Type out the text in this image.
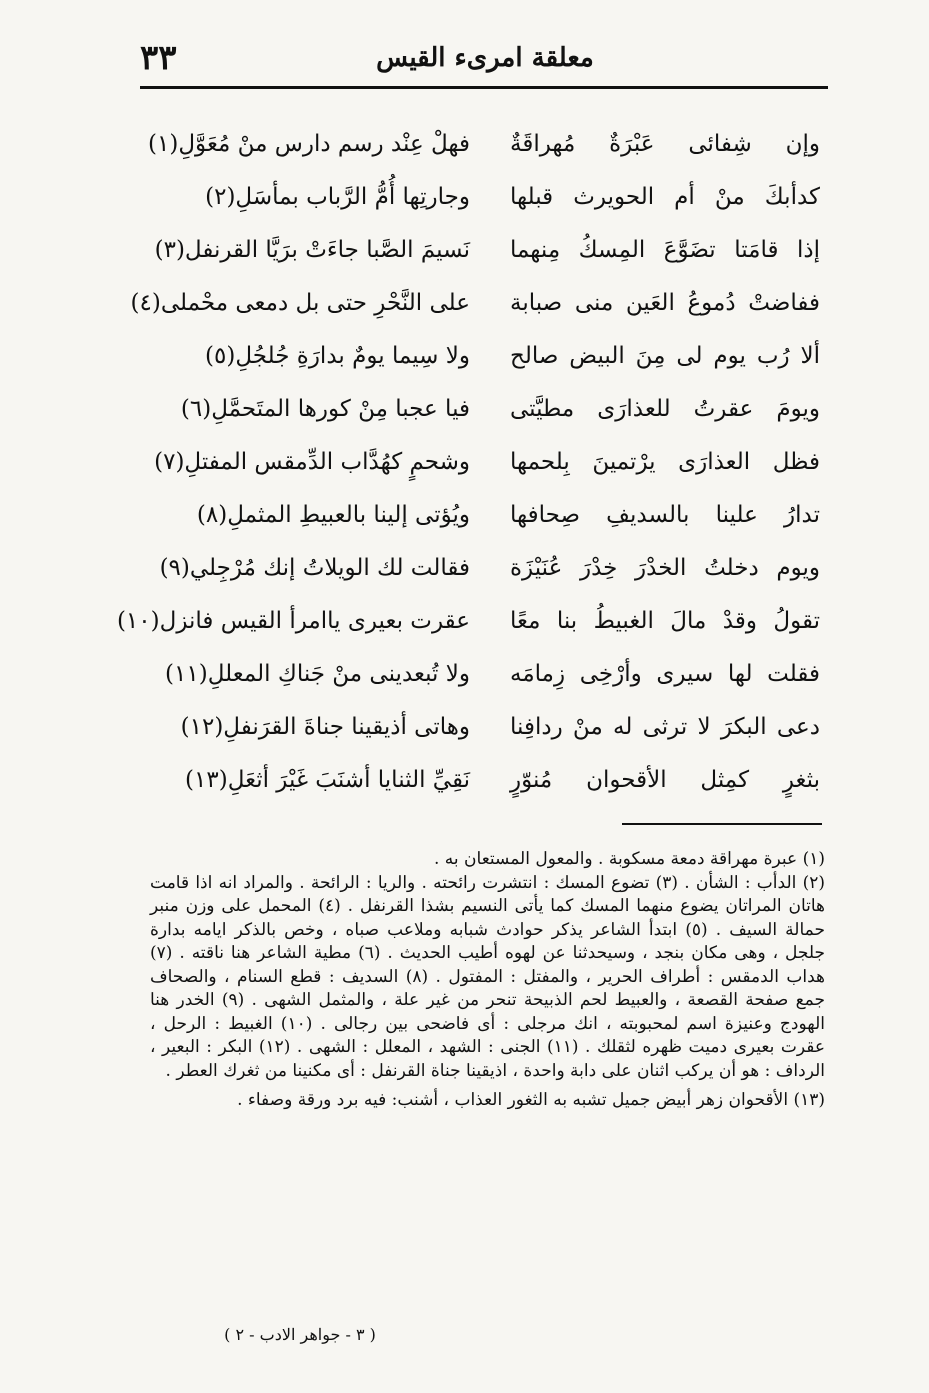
٣٣	معلقة امرىء القيس
وإن شِفائى عَبْرَةٌ مُهراقَةٌ
فهلْ عِنْد رسم دارس منْ مُعَوَّلِ(١)
كدأبكَ منْ أم الحويرث قبلها
وجارتِها أُمُّ الرَّباب بمأسَلِ(٢)
إذا قامَتا تضَوَّعَ المِسكُ مِنهما
نَسيمَ الصَّبا جاءَتْ برَيَّا القرنفل(٣)
ففاضتْ دُموعُ العَين منى صبابة
على النَّحْرِ حتى بل دمعى محْملى(٤)
ألا رُب يوم لى مِنَ البيض صالح
ولا سِيما يومٌ بدارَةِ جُلجُلِ(٥)
ويومَ عقرتُ للعذارَى مطيَّتى
فيا عجبا مِنْ كورها المتَحمَّلِ(٦)
فظل العذارَى يرْتمينَ بِلحمها
وشحمٍ كهُدَّاب الدِّمقس المفتلِ(٧)
تدارُ علينا بالسديفِ صِحافها
ويُؤتى إلينا بالعبيطِ المثملِ(٨)
ويوم دخلتُ الخدْرَ خِدْرَ عُنَيْزَة
فقالت لك الويلاتُ إنك مُرْجِلي(٩)
تقولُ وقدْ مالَ الغبيطُ بنا معًا
عقرت بعيرى ياامرأ القيس فانزل(١٠)
فقلت لها سيرى وأرْخِى زِمامَه
ولا تُبعدينى منْ جَناكِ المعللِ(١١)
دعى البكرَ لا ترثى له منْ ردافِنا
وهاتى أذيقينا جناةَ القرَنفلِ(١٢)
بثغرٍ كمِثل الأقحوان مُنوّرٍ
نَقِيِّ الثنايا أشنَبَ غَيْرَ أثعَلِ(١٣)

(١) عبرة مهراقة دمعة مسكوبة . والمعول المستعان به .

(٢) الدأب : الشأن . (٣) تضوع المسك : انتشرت رائحته . والريا : الرائحة . والمراد انه اذا قامت هاتان المراتان يضوع منهما المسك كما يأتى النسيم بشذا القرنفل . (٤) المحمل على وزن منبر حمالة السيف . (٥) ابتدأ الشاعر يذكر حوادث شبابه وملاعب صباه ، وخص بالذكر ايامه بدارة جلجل ، وهى مكان بنجد ، وسيحدثنا عن لهوه أطيب الحديث . (٦) مطية الشاعر هنا ناقته . (٧) هداب الدمقس : أطراف الحرير ، والمفتل : المفتول . (٨) السديف : قطع السنام ، والصحاف جمع صفحة القصعة ، والعبيط لحم الذبيحة تنحر من غير علة ، والمثمل الشهى . (٩) الخدر هنا الهودج وعنيزة اسم لمحبوبته ، انك مرجلى : أى فاضحى بين رجالى . (١٠) الغبيط : الرحل ، عقرت بعيرى دميت ظهره لثقلك . (١١) الجنى : الشهد ، المعلل : الشهى . (١٢) البكر : البعير ، الرداف : هو أن يركب اثنان على دابة واحدة ، اذيقينا جناة القرنفل : أى مكنينا من ثغرك العطر .

(١٣) الأقحوان زهر أبيض جميل تشبه به الثغور العذاب ، أشنب: فيه برد ورقة وصفاء .

( ٣ - جواهر الادب - ٢ )
